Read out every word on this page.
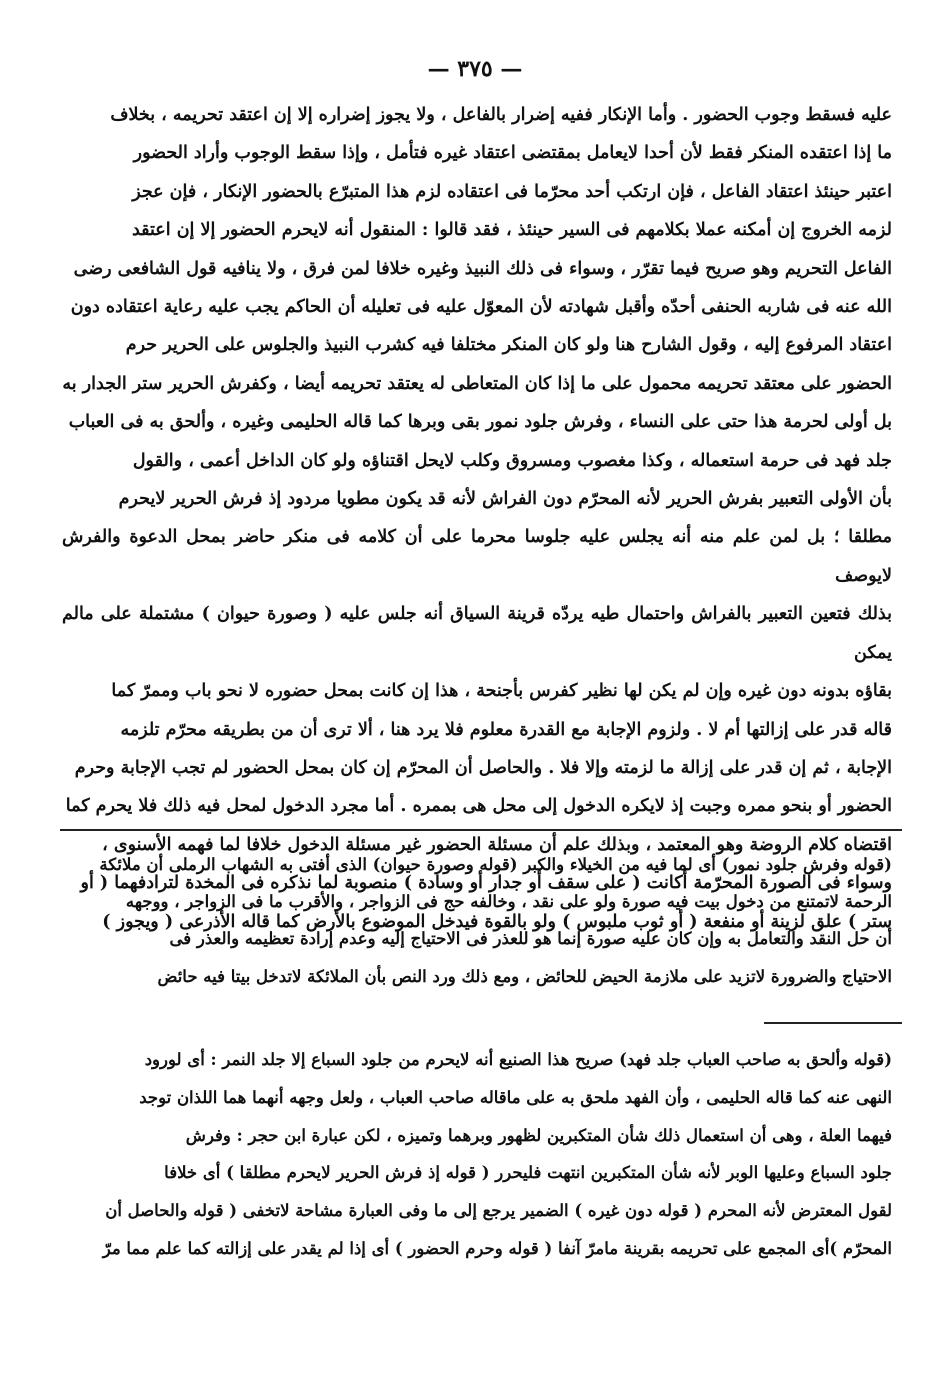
— ٣٧٥ —

عليه فسقط وجوب الحضور . وأما الإنكار ففيه إضرار بالفاعل ، ولا يجوز إضراره إلا إن اعتقد تحريمه ، بخلاف

ما إذا اعتقده المنكر فقط لأن أحدا لايعامل بمقتضى اعتقاد غيره فتأمل ، وإذا سقط الوجوب وأراد الحضور

اعتبر حينئذ اعتقاد الفاعل ، فإن ارتكب أحد محرّما فى اعتقاده لزم هذا المتبرّع بالحضور الإنكار ، فإن عجز

لزمه الخروج إن أمكنه عملا بكلامهم فى السير حينئذ ، فقد قالوا : المنقول أنه لايحرم الحضور إلا إن اعتقد

الفاعل التحريم وهو صريح فيما تقرّر ، وسواء فى ذلك النبيذ وغيره خلافا لمن فرق ، ولا ينافيه قول الشافعى رضى

الله عنه فى شاربه الحنفى أحدّه وأقبل شهادته لأن المعوّل عليه فى تعليله أن الحاكم يجب عليه رعاية اعتقاده دون

اعتقاد المرفوع إليه ، وقول الشارح هنا ولو كان المنكر مختلفا فيه كشرب النبيذ والجلوس على الحرير حرم

الحضور على معتقد تحريمه محمول على ما إذا كان المتعاطى له يعتقد تحريمه أيضا ، وكفرش الحرير ستر الجدار به

بل أولى لحرمة هذا حتى على النساء ، وفرش جلود نمور بقى وبرها كما قاله الحليمى وغيره ، وألحق به فى العباب

جلد فهد فى حرمة استعماله ، وكذا مغصوب ومسروق وكلب لايحل اقتناؤه ولو كان الداخل أعمى ، والقول

بأن الأولى التعبير بفرش الحرير لأنه المحرّم دون الفراش لأنه قد يكون مطويا مردود إذ فرش الحرير لايحرم

مطلقا ؛ بل لمن علم منه أنه يجلس عليه جلوسا محرما على أن كلامه فى منكر حاضر بمحل الدعوة والفرش لايوصف

بذلك فتعين التعبير بالفراش واحتمال طيه يردّه قرينة السياق أنه جلس عليه ( وصورة حيوان ) مشتملة على مالم يمكن

بقاؤه بدونه دون غيره وإن لم يكن لها نظير كفرس بأجنحة ، هذا إن كانت بمحل حضوره لا نحو باب وممرّ كما

قاله قدر على إزالتها أم لا . ولزوم الإجابة مع القدرة معلوم فلا يرد هنا ، ألا ترى أن من بطريقه محرّم تلزمه

الإجابة ، ثم إن قدر على إزالة ما لزمته وإلا فلا . والحاصل أن المحرّم إن كان بمحل الحضور لم تجب الإجابة وحرم

الحضور أو بنحو ممره وجبت إذ لايكره الدخول إلى محل هى بممره . أما مجرد الدخول لمحل فيه ذلك فلا يحرم كما

اقتضاه كلام الروضة وهو المعتمد ، وبذلك علم أن مسئلة الحضور غير مسئلة الدخول خلافا لما فهمه الأسنوى ،

وسواء فى الصورة المحرّمة أكانت ( على سقف أو جدار أو وسادة ) منصوبة لما نذكره فى المخدة لترادفهما ( أو

ستر ) علق لزينة أو منفعة ( أو ثوب ملبوس ) ولو بالقوة فيدخل الموضوع بالأرض كما قاله الأذرعى ( ويجوز )

(قوله وفرش جلود نمور) أى لما فيه من الخيلاء والكبر (قوله وصورة حيوان) الذى أفتى به الشهاب الرملى أن ملائكة

الرحمة لاتمتنع من دخول بيت فيه صورة ولو على نقد ، وخالفه حج فى الزواجر ، والأقرب ما فى الزواجر ، ووجهه

أن حل النقد والتعامل به وإن كان عليه صورة إنما هو للعذر فى الاحتياج إليه وعدم إرادة تعظيمه والعذر فى

الاحتياج والضرورة لاتزيد على ملازمة الحيض للحائض ، ومع ذلك ورد النص بأن الملائكة لاتدخل بيتا فيه حائض

(قوله وألحق به صاحب العباب جلد فهد) صريح هذا الصنيع أنه لايحرم من جلود السباع إلا جلد النمر : أى لورود

النهى عنه كما قاله الحليمى ، وأن الفهد ملحق به على ماقاله صاحب العباب ، ولعل وجهه أنهما هما اللذان توجد

فيهما العلة ، وهى أن استعمال ذلك شأن المتكبرين لظهور وبرهما وتميزه ، لكن عبارة ابن حجر : وفرش

جلود السباع وعليها الوبر لأنه شأن المتكبرين انتهت فليحرر ( قوله إذ فرش الحرير لايحرم مطلقا ) أى خلافا

لقول المعترض لأنه المحرم ( قوله دون غيره ) الضمير يرجع إلى ما وفى العبارة مشاحة لاتخفى ( قوله والحاصل أن

المحرّم )أى المجمع على تحريمه بقرينة مامرّ آنفا ( قوله وحرم الحضور ) أى إذا لم يقدر على إزالته كما علم مما مرّ
